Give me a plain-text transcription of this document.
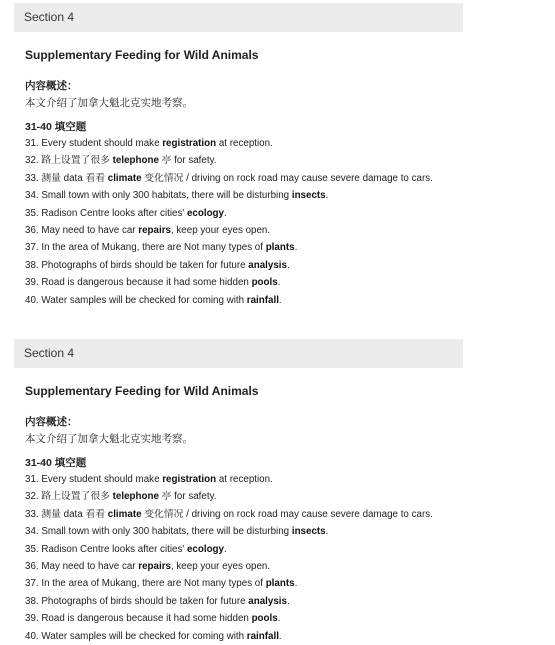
Section 4
Supplementary Feeding for Wild Animals
内容概述：
本文介绍了加拿大魁北克实地考察。
31-40 填空题
31. Every student should make registration at reception.
32. 路上设置了很多 telephone 亭 for safety.
33. 测量 data 看看 climate 变化情况 / driving on rock road may cause severe damage to cars.
34. Small town with only 300 habitats, there will be disturbing insects.
35. Radison Centre looks after cities' ecology.
36. May need to have car repairs, keep your eyes open.
37. In the area of Mukang, there are Not many types of plants.
38. Photographs of birds should be taken for future analysis.
39. Road is dangerous because it had some hidden pools.
40. Water samples will be checked for coming with rainfall.
Section 4
Supplementary Feeding for Wild Animals
内容概述：
本文介绍了加拿大魁北克实地考察。
31-40 填空题
31. Every student should make registration at reception.
32. 路上设置了很多 telephone 亭 for safety.
33. 测量 data 看看 climate 变化情况 / driving on rock road may cause severe damage to cars.
34. Small town with only 300 habitats, there will be disturbing insects.
35. Radison Centre looks after cities' ecology.
36. May need to have car repairs, keep your eyes open.
37. In the area of Mukang, there are Not many types of plants.
38. Photographs of birds should be taken for future analysis.
39. Road is dangerous because it had some hidden pools.
40. Water samples will be checked for coming with rainfall.
